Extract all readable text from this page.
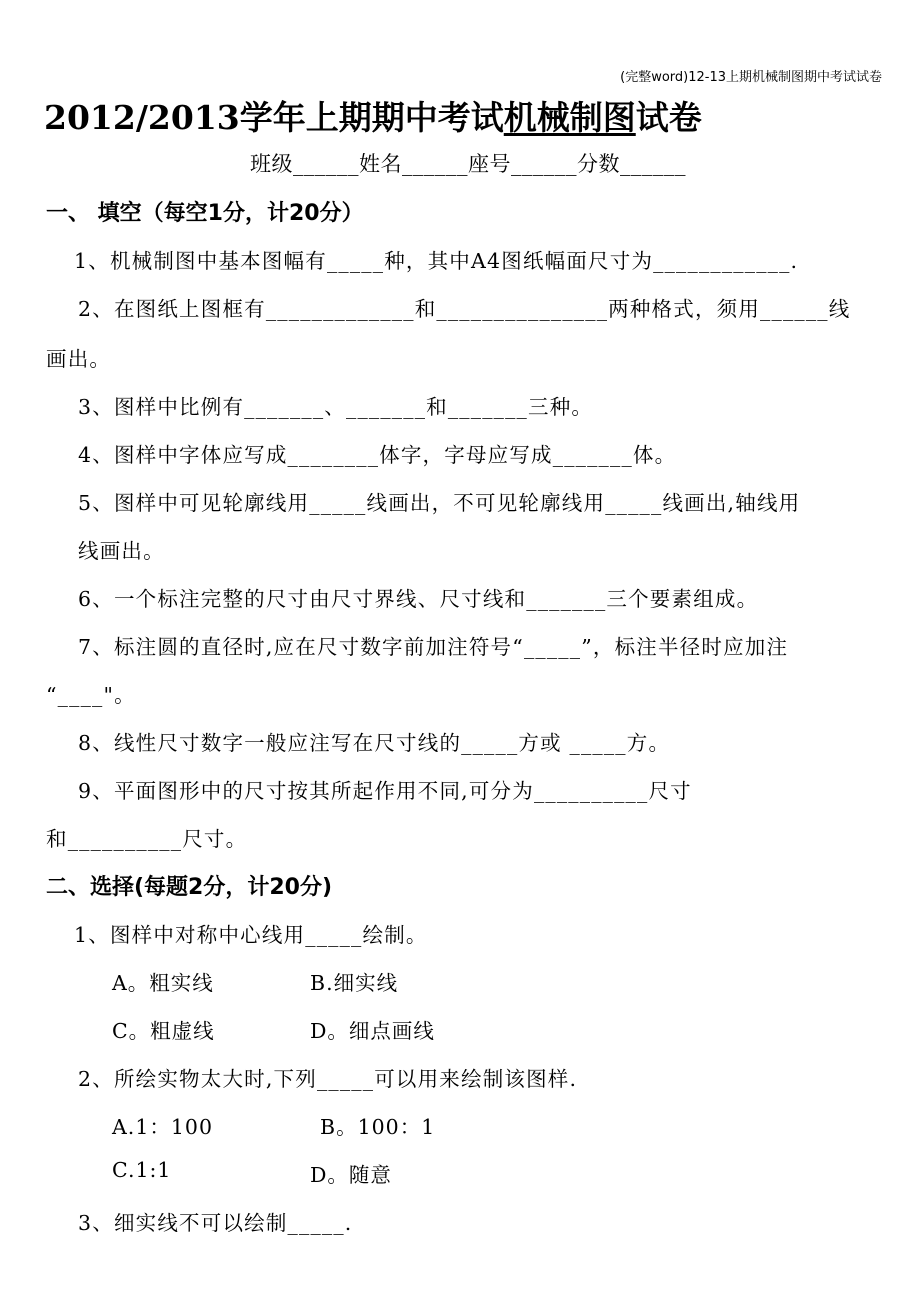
(完整word)12-13上期机械制图期中考试试卷
2012/2013学年上期期中考试机械制图试卷
班级______姓名______座号______分数______
一、 填空（每空1分，计20分）
1、机械制图中基本图幅有_____种，其中A4图纸幅面尺寸为____________.
2、在图纸上图框有_____________和_______________两种格式，须用______线
画出。
3、图样中比例有_______、_______和_______三种。
4、图样中字体应写成________体字，字母应写成_______体。
5、图样中可见轮廓线用_____线画出，不可见轮廓线用_____线画出,轴线用
线画出。
6、一个标注完整的尺寸由尺寸界线、尺寸线和_______三个要素组成。
7、标注圆的直径时,应在尺寸数字前加注符号“_____”，标注半径时应加注
“____"。
8、线性尺寸数字一般应注写在尺寸线的_____方或 _____方。
9、平面图形中的尺寸按其所起作用不同,可分为__________尺寸
和__________尺寸。
二、选择(每题2分，计20分)
1、图样中对称中心线用_____绘制。
A。粗实线	B.细实线
C。粗虚线	D。细点画线
2、所绘实物太大时,下列_____可以用来绘制该图样.
A.1：100	B。100：1
C.1:1	D。随意
3、细实线不可以绘制_____.
